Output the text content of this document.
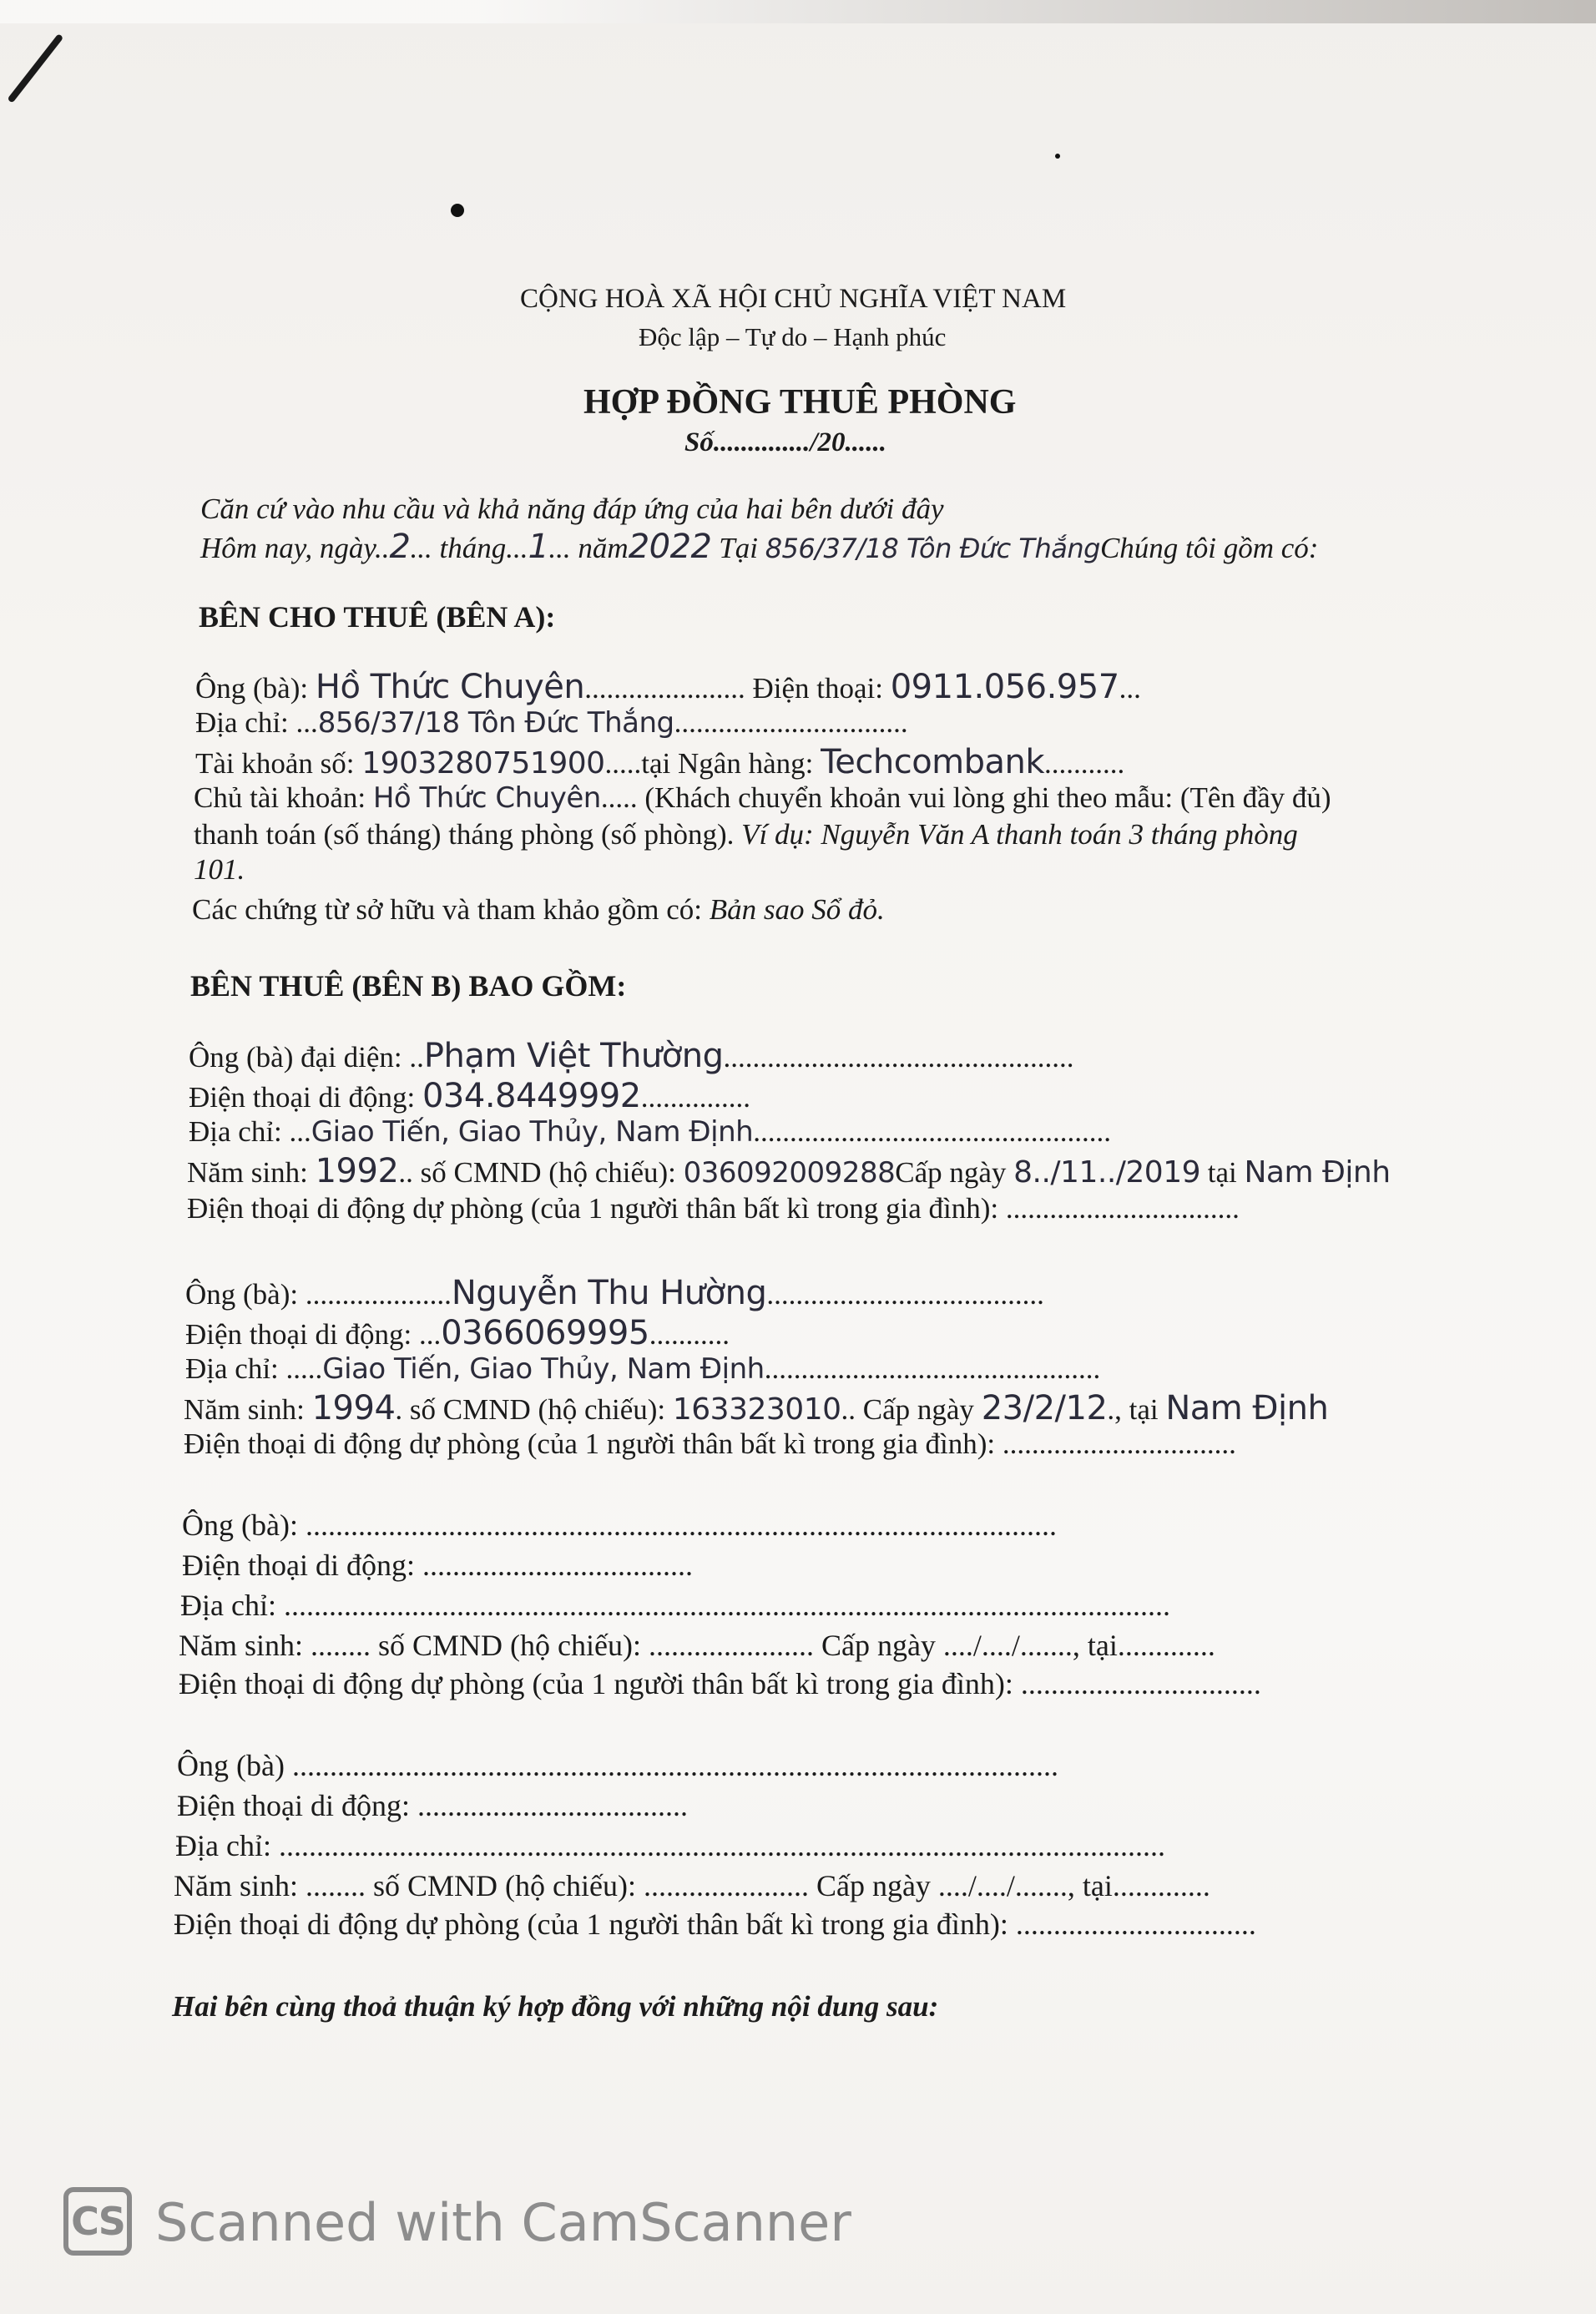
CỘNG HOÀ XÃ HỘI CHỦ NGHĨA VIỆT NAM
Độc lập – Tự do – Hạnh phúc
HỢP ĐỒNG THUÊ PHÒNG
Số............../20......
Căn cứ vào nhu cầu và khả năng đáp ứng của hai bên dưới đây
Hôm nay, ngày..2... tháng...1... năm2022 Tại 856/37/18 Tôn Đức ThắngChúng tôi gồm có:
BÊN CHO THUÊ (BÊN A):
Ông (bà): Hồ Thức Chuyên...................... Điện thoại: 0911.056.957...
Địa chỉ: ...856/37/18 Tôn Đức Thắng................................
Tài khoản số: 1903280751900.....tại Ngân hàng: Techcombank...........
Chủ tài khoản: Hồ Thức Chuyên..... (Khách chuyển khoản vui lòng ghi theo mẫu: (Tên đầy đủ)
thanh toán (số tháng) tháng phòng (số phòng). Ví dụ: Nguyễn Văn A thanh toán 3 tháng phòng
101.
Các chứng từ sở hữu và tham khảo gồm có: Bản sao Sổ đỏ.
BÊN THUÊ (BÊN B) BAO GỒM:
Ông (bà) đại diện: ..Phạm Việt Thường................................................
Điện thoại di động: 034.8449992...............
Địa chỉ: ...Giao Tiến, Giao Thủy, Nam Định.................................................
Năm sinh: 1992.. số CMND (hộ chiếu): 036092009288Cấp ngày 8../11../2019 tại Nam Định
Điện thoại di động dự phòng (của 1 người thân bất kì trong gia đình): ................................
Ông (bà): ....................Nguyễn Thu Hường......................................
Điện thoại di động: ...0366069995...........
Địa chỉ: .....Giao Tiến, Giao Thủy, Nam Định..............................................
Năm sinh: 1994. số CMND (hộ chiếu): 163323010.. Cấp ngày 23/2/12., tại Nam Định
Điện thoại di động dự phòng (của 1 người thân bất kì trong gia đình): ................................
Ông (bà): ....................................................................................................
Điện thoại di động: ....................................
Địa chỉ: ......................................................................................................................
Năm sinh: ........ số CMND (hộ chiếu): ...................... Cấp ngày ..../..../......., tại.............
Điện thoại di động dự phòng (của 1 người thân bất kì trong gia đình): ................................
Ông (bà) ......................................................................................................
Điện thoại di động: ....................................
Địa chỉ: ......................................................................................................................
Năm sinh: ........ số CMND (hộ chiếu): ...................... Cấp ngày ..../..../......., tại.............
Điện thoại di động dự phòng (của 1 người thân bất kì trong gia đình): ................................
Hai bên cùng thoả thuận ký hợp đồng với những nội dung sau:
CS Scanned with CamScanner
